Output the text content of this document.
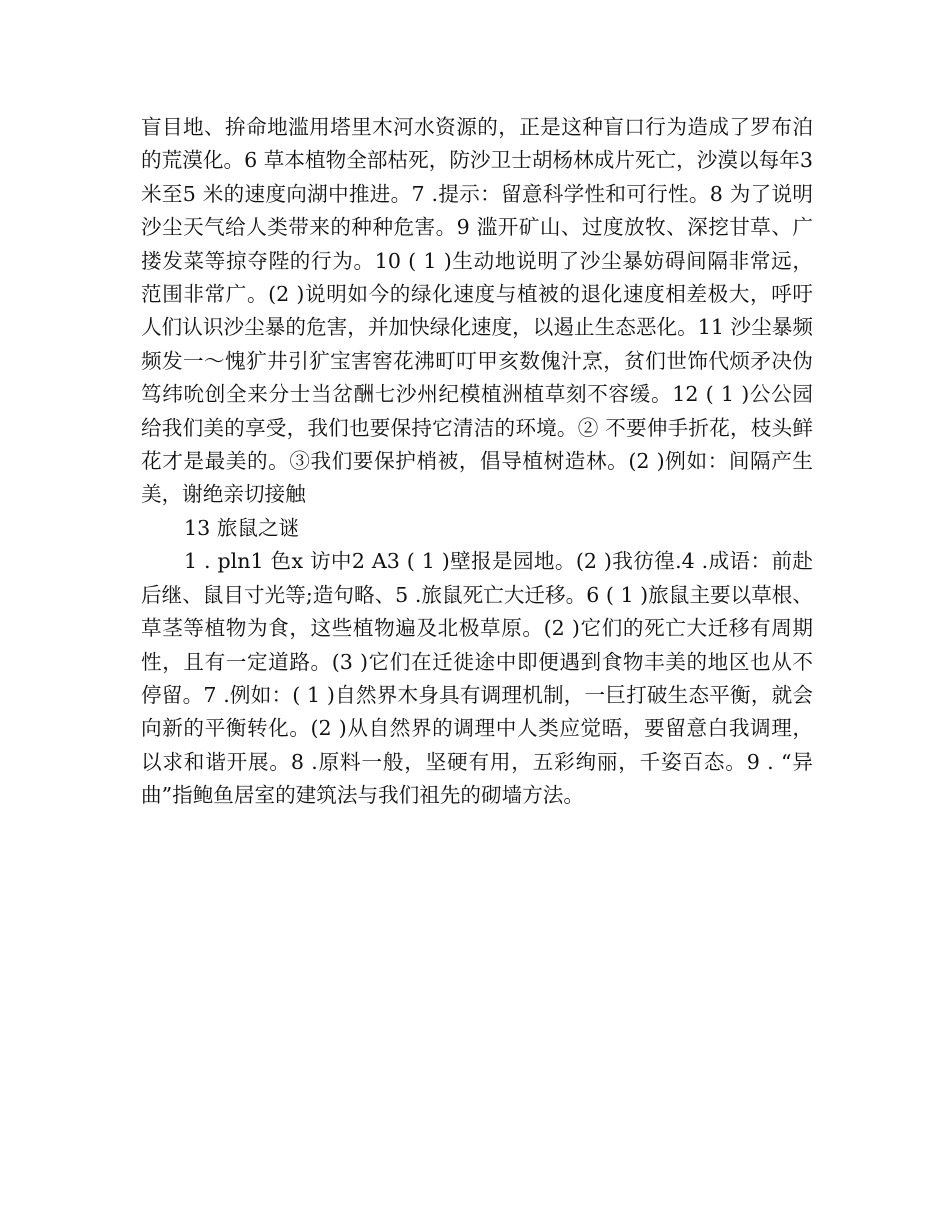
盲目地、拚命地滥用塔里木河水资源的，正是这种盲口行为造成了罗布泊的荒漠化。6 草本植物全部枯死，防沙卫士胡杨林成片死亡，沙漠以每年3 米至5 米的速度向湖中推进。7 .提示：留意科学性和可行性。8 为了说明沙尘天气给人类带来的种种危害。9 滥开矿山、过度放牧、深挖甘草、广搂发菜等掠夺陛的行为。10 ( 1 )生动地说明了沙尘暴妨碍间隔非常远，范围非常广。(2 )说明如今的绿化速度与植被的退化速度相差极大，呼吁人们认识沙尘暴的危害，并加快绿化速度，以遏止生态恶化。11 沙尘暴频频发一～愧犷井引犷宝害窖花沸町叮甲亥数傀汁烹，贫们世饰代烦矛决伪笃纬吮创全来分士当岔酬七沙州纪模植洲植草刻不容缓。12 ( 1 )公公园给我们美的享受，我们也要保持它清洁的环境。② 不要伸手折花，枝头鲜花才是最美的。③我们要保护梢被，倡导植树造林。(2 )例如：间隔产生美，谢绝亲切接触

13 旅鼠之谜

1 . pln1 色x 访中2 A3 ( 1 )壁报是园地。(2 )我彷徨.4 .成语：前赴后继、鼠目寸光等;造句略、5 .旅鼠死亡大迁移。6 ( 1 )旅鼠主要以草根、草茎等植物为食，这些植物遍及北极草原。(2 )它们的死亡大迁移有周期性，且有一定道路。(3 )它们在迁徙途中即便遇到食物丰美的地区也从不停留。7 .例如：( 1 )自然界木身具有调理机制，一巨打破生态平衡，就会向新的平衡转化。(2 )从自然界的调理中人类应觉晤，要留意白我调理，以求和谐开展。8 .原料一般，坚硬有用，五彩绚丽，千姿百态。9 . “异曲”指鲍鱼居室的建筑法与我们祖先的砌墙方法。
